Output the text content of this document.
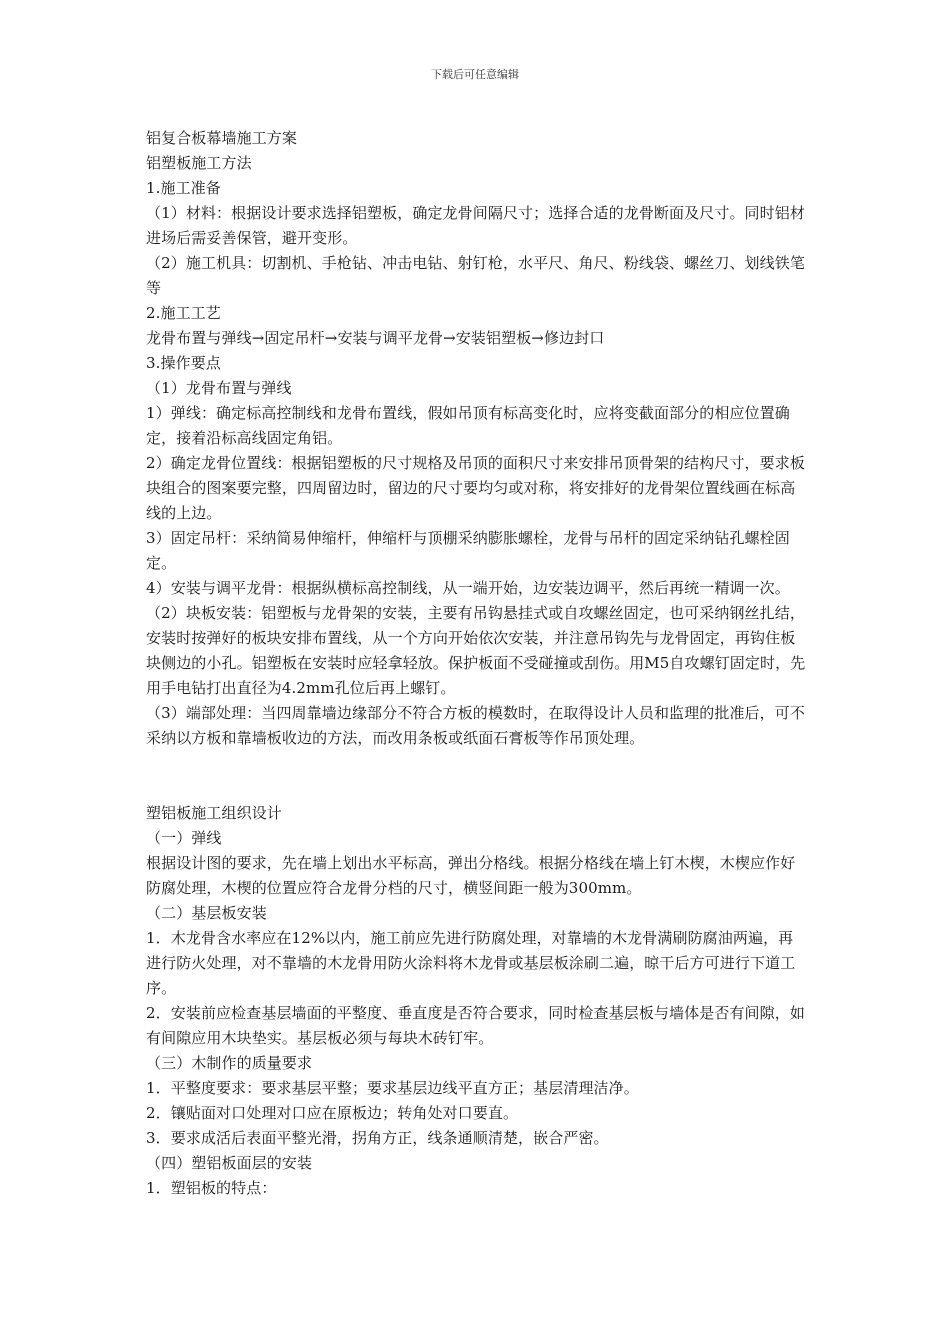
下载后可任意编辑

铝复合板幕墙施工方案

铝塑板施工方法

1.施工准备

（1）材料：根据设计要求选择铝塑板，确定龙骨间隔尺寸；选择合适的龙骨断面及尺寸。同时铝材进场后需妥善保管，避开变形。

（2）施工机具：切割机、手枪钻、冲击电钻、射钉枪，水平尺、角尺、粉线袋、螺丝刀、划线铁笔等

2.施工工艺

龙骨布置与弹线→固定吊杆→安装与调平龙骨→安装铝塑板→修边封口

3.操作要点

（1）龙骨布置与弹线

1）弹线：确定标高控制线和龙骨布置线，假如吊顶有标高变化时，应将变截面部分的相应位置确定，接着沿标高线固定角铝。

2）确定龙骨位置线：根据铝塑板的尺寸规格及吊顶的面积尺寸来安排吊顶骨架的结构尺寸，要求板块组合的图案要完整，四周留边时，留边的尺寸要均匀或对称，将安排好的龙骨架位置线画在标高线的上边。

3）固定吊杆：采纳简易伸缩杆，伸缩杆与顶棚采纳膨胀螺栓，龙骨与吊杆的固定采纳钻孔螺栓固定。

4）安装与调平龙骨：根据纵横标高控制线，从一端开始，边安装边调平，然后再统一精调一次。

（2）块板安装：铝塑板与龙骨架的安装，主要有吊钩悬挂式或自攻螺丝固定，也可采纳钢丝扎结，安装时按弹好的板块安排布置线，从一个方向开始依次安装，并注意吊钩先与龙骨固定，再钩住板块侧边的小孔。铝塑板在安装时应轻拿轻放。保护板面不受碰撞或刮伤。用M5自攻螺钉固定时，先用手电钻打出直径为4.2mm孔位后再上螺钉。

（3）端部处理：当四周靠墙边缘部分不符合方板的模数时，在取得设计人员和监理的批准后，可不采纳以方板和靠墙板收边的方法，而改用条板或纸面石膏板等作吊顶处理。

塑铝板施工组织设计

（一）弹线

根据设计图的要求，先在墙上划出水平标高，弹出分格线。根据分格线在墙上钉木楔，木楔应作好防腐处理，木楔的位置应符合龙骨分档的尺寸，横竖间距一般为300mm。

（二）基层板安装

1．木龙骨含水率应在12%以内，施工前应先进行防腐处理，对靠墙的木龙骨满刷防腐油两遍，再进行防火处理，对不靠墙的木龙骨用防火涂料将木龙骨或基层板涂刷二遍，晾干后方可进行下道工序。

2．安装前应检查基层墙面的平整度、垂直度是否符合要求，同时检查基层板与墙体是否有间隙，如有间隙应用木块垫实。基层板必须与每块木砖钉牢。

（三）木制作的质量要求

1．平整度要求：要求基层平整；要求基层边线平直方正；基层清理洁净。

2．镶贴面对口处理对口应在原板边；转角处对口要直。

3．要求成活后表面平整光滑，拐角方正，线条通顺清楚，嵌合严密。

（四）塑铝板面层的安装

1．塑铝板的特点：
